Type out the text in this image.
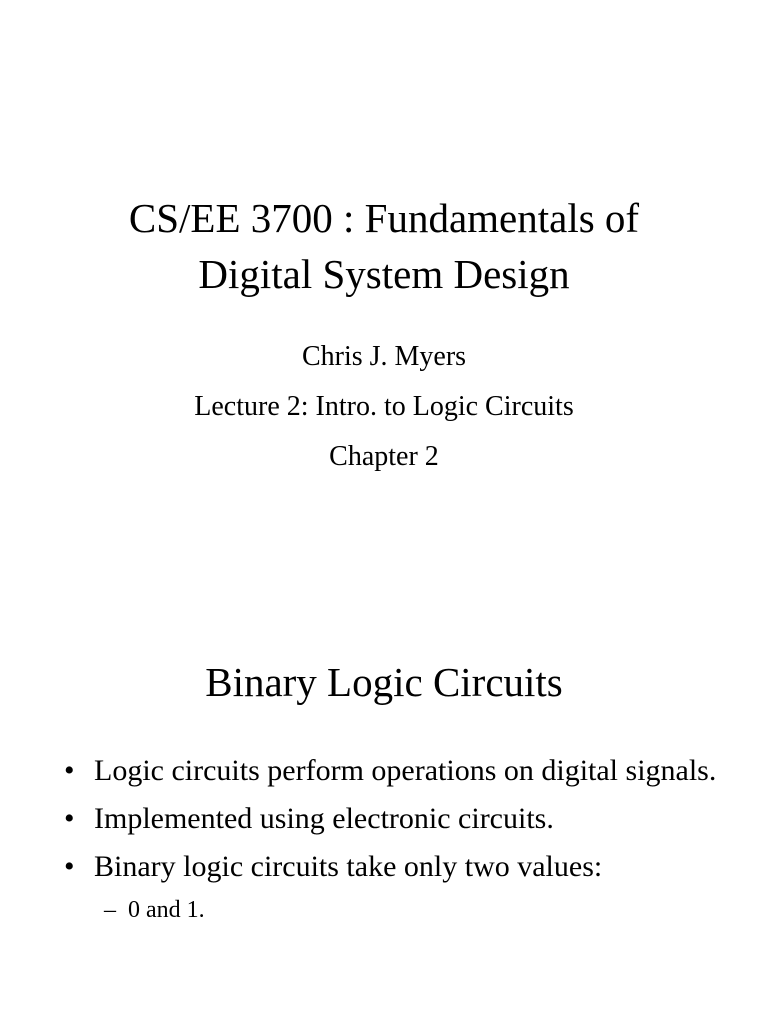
CS/EE 3700 : Fundamentals of
Digital System Design
Chris J. Myers
Lecture 2: Intro. to Logic Circuits
Chapter 2
Binary Logic Circuits
• Logic circuits perform operations on digital signals.
• Implemented using electronic circuits.
• Binary logic circuits take only two values:
– 0 and 1.
